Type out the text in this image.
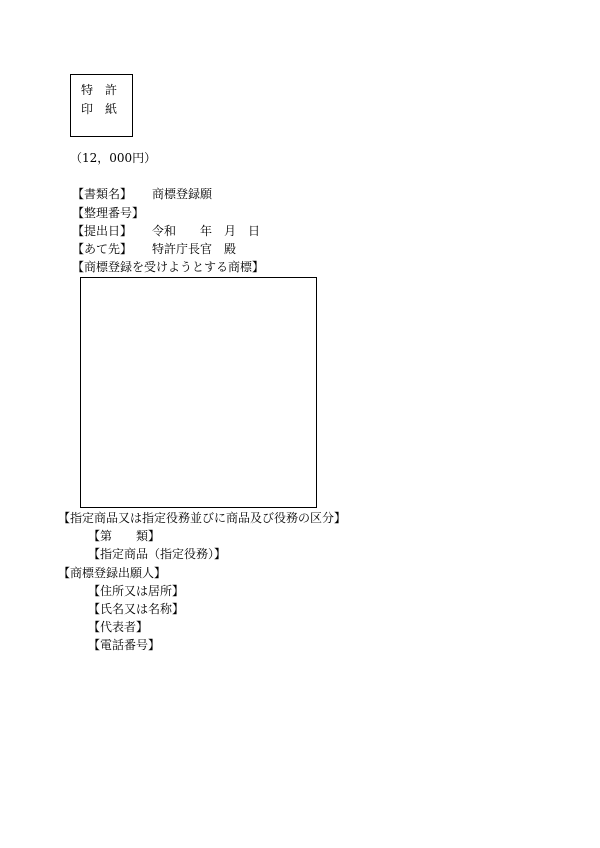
特　許
印　紙
（12，000円）
【書類名】 商標登録願
【整理番号】
【提出日】 令和　　年　月　日
【あて先】 特許庁長官　殿
【商標登録を受けようとする商標】
【指定商品又は指定役務並びに商品及び役務の区分】
【第　　類】
【指定商品（指定役務）】
【商標登録出願人】
【住所又は居所】
【氏名又は名称】
【代表者】
【電話番号】
